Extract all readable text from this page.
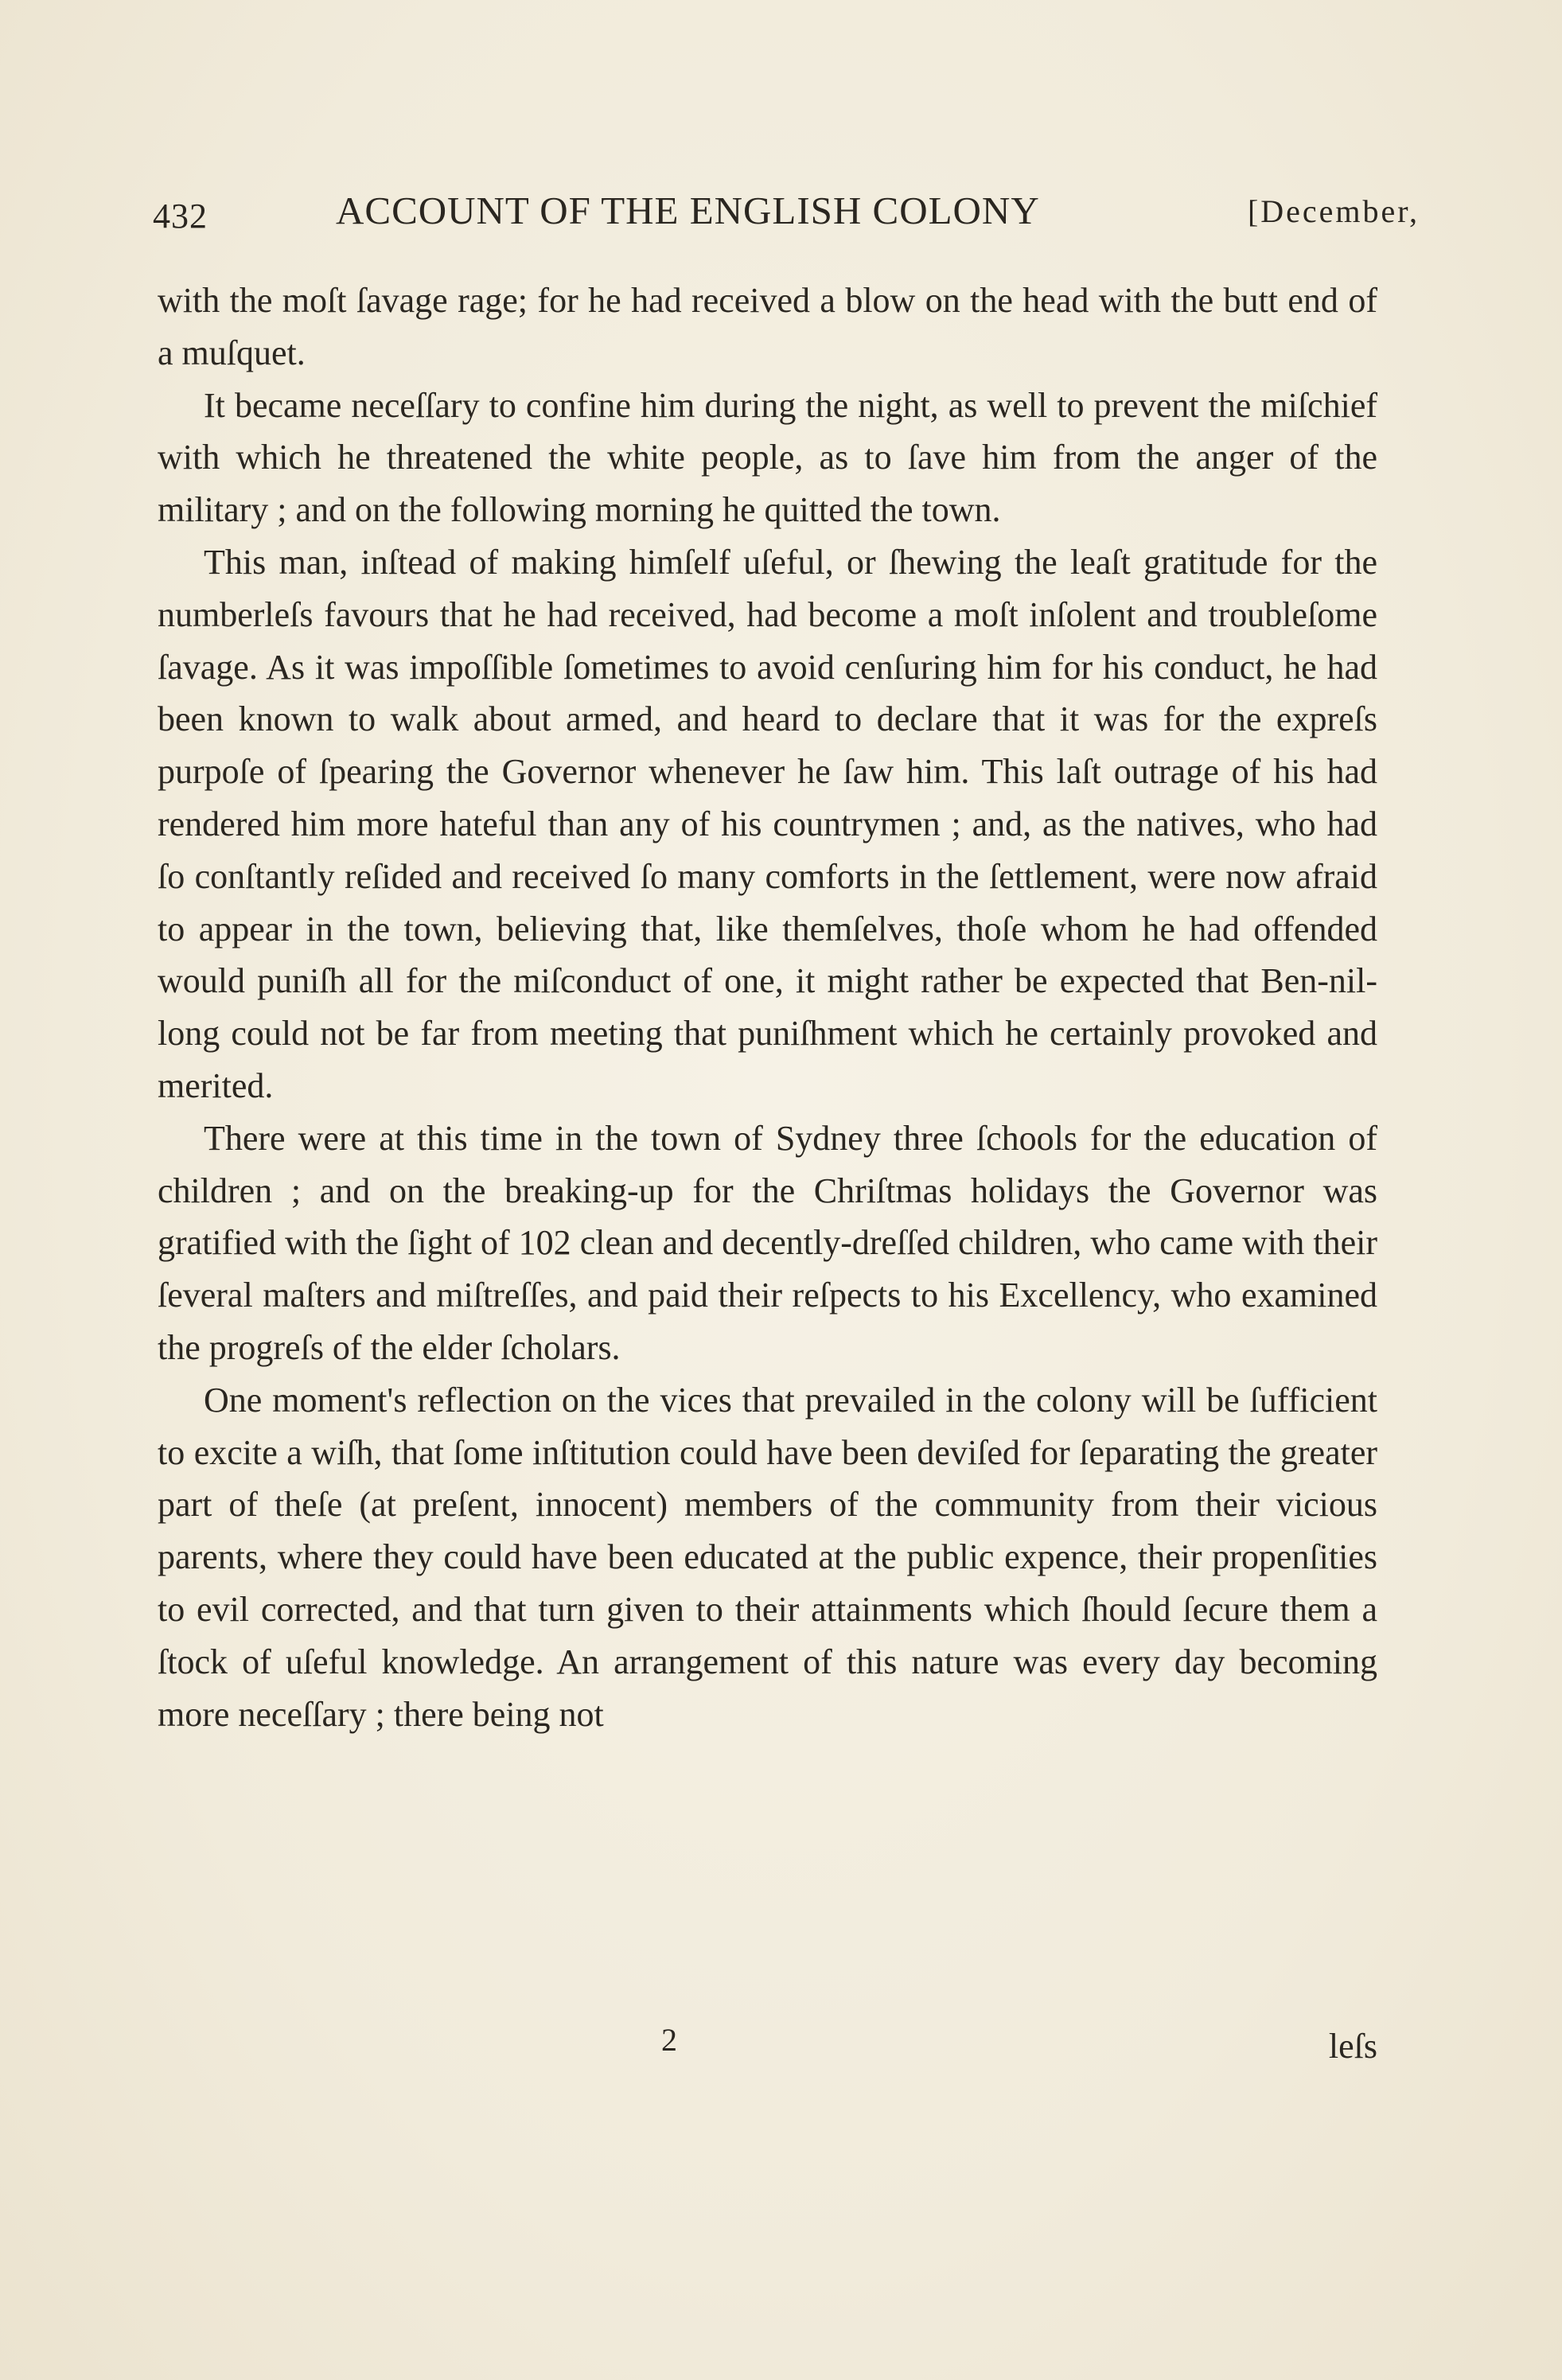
432	ACCOUNT OF THE ENGLISH COLONY	[December,

with the moſt ſavage rage; for he had received a blow on the head with the butt end of a muſquet.

It became neceſſary to confine him during the night, as well to prevent the miſchief with which he threatened the white people, as to ſave him from the anger of the military ; and on the following morning he quitted the town.

This man, inſtead of making himſelf uſeful, or ſhewing the leaſt gratitude for the numberleſs favours that he had received, had become a moſt inſolent and troubleſome ſavage. As it was impoſſible ſometimes to avoid cenſuring him for his conduct, he had been known to walk about armed, and heard to declare that it was for the expreſs purpoſe of ſpearing the Governor whenever he ſaw him. This laſt outrage of his had rendered him more hateful than any of his countrymen ; and, as the natives, who had ſo conſtantly reſided and received ſo many comforts in the ſettlement, were now afraid to appear in the town, believing that, like themſelves, thoſe whom he had offended would puniſh all for the miſconduct of one, it might rather be expected that Ben-nil-long could not be far from meeting that puniſhment which he certainly provoked and merited.

There were at this time in the town of Sydney three ſchools for the education of children ; and on the breaking-up for the Chriſtmas holidays the Governor was gratified with the ſight of 102 clean and decently-dreſſed children, who came with their ſeveral maſters and miſtreſſes, and paid their reſpects to his Excellency, who examined the progreſs of the elder ſcholars.

One moment's reflection on the vices that prevailed in the colony will be ſufficient to excite a wiſh, that ſome inſtitution could have been deviſed for ſeparating the greater part of theſe (at preſent, innocent) members of the community from their vicious parents, where they could have been educated at the public expence, their propenſities to evil corrected, and that turn given to their attainments which ſhould ſecure them a ſtock of uſeful knowledge. An arrangement of this nature was every day becoming more neceſſary ; there being not

2	leſs
